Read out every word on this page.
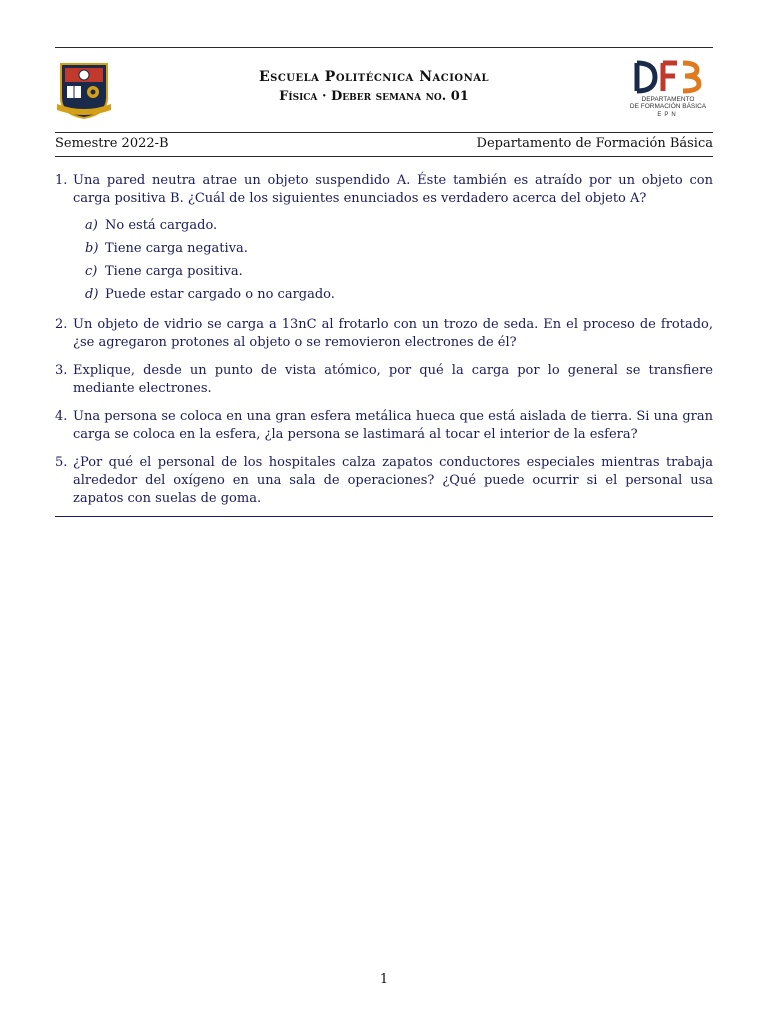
Escuela Politécnica Nacional
Física · Deber semana no. 01	DEPARTAMENTO
DE FORMACIÓN BÁSICA
EPN
Semestre 2022-B	Departamento de Formación Básica
1. Una pared neutra atrae un objeto suspendido A. Éste también es atraído por un objeto con carga positiva B. ¿Cuál de los siguientes enunciados es verdadero acerca del objeto A?
a) No está cargado.
b) Tiene carga negativa.
c) Tiene carga positiva.
d) Puede estar cargado o no cargado.
2. Un objeto de vidrio se carga a 13nC al frotarlo con un trozo de seda. En el proceso de frotado, ¿se agregaron protones al objeto o se removieron electrones de él?
3. Explique, desde un punto de vista atómico, por qué la carga por lo general se transfiere mediante electrones.
4. Una persona se coloca en una gran esfera metálica hueca que está aislada de tierra. Si una gran carga se coloca en la esfera, ¿la persona se lastimará al tocar el interior de la esfera?
5. ¿Por qué el personal de los hospitales calza zapatos conductores especiales mientras trabaja alrededor del oxígeno en una sala de operaciones? ¿Qué puede ocurrir si el personal usa zapatos con suelas de goma.
1
